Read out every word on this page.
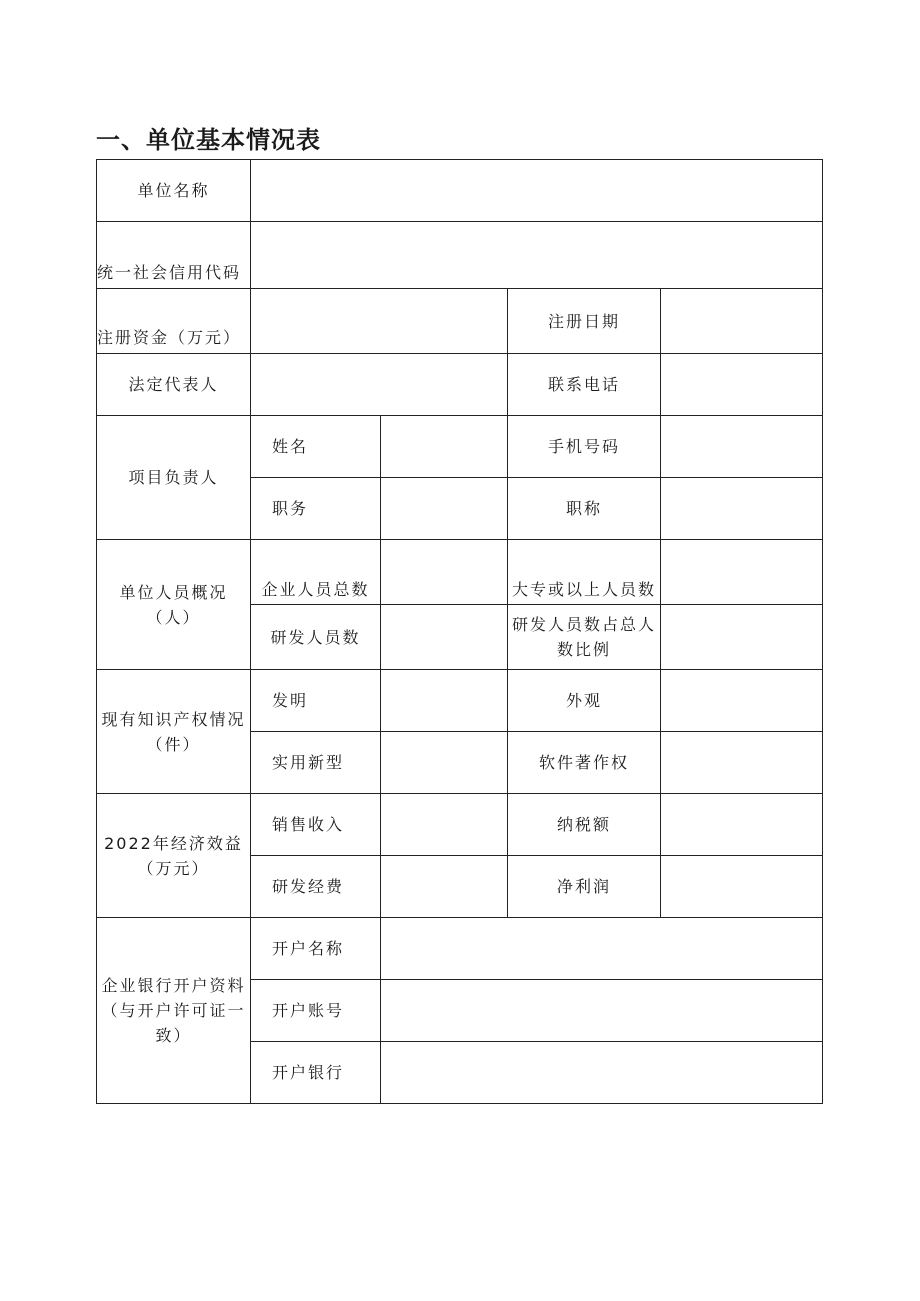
一、单位基本情况表
单位名称				
统一社会信用代码				
注册资金（万元）			注册日期	
法定代表人			联系电话	
项目负责人	姓名		手机号码	
	职务		职称	

单位人员概况
（人）	企业人员总数		大专或以上人员数	
	研发人员数		研发人员数占总人
数比例	

现有知识产权情况
（件）	发明		外观	
	实用新型		软件著作权	

2022年经济效益
（万元）	销售收入		纳税额	
	研发经费		净利润	

企业银行开户资料
（与开户许可证一
致）	开户名称			
	开户账号			
	开户银行			
